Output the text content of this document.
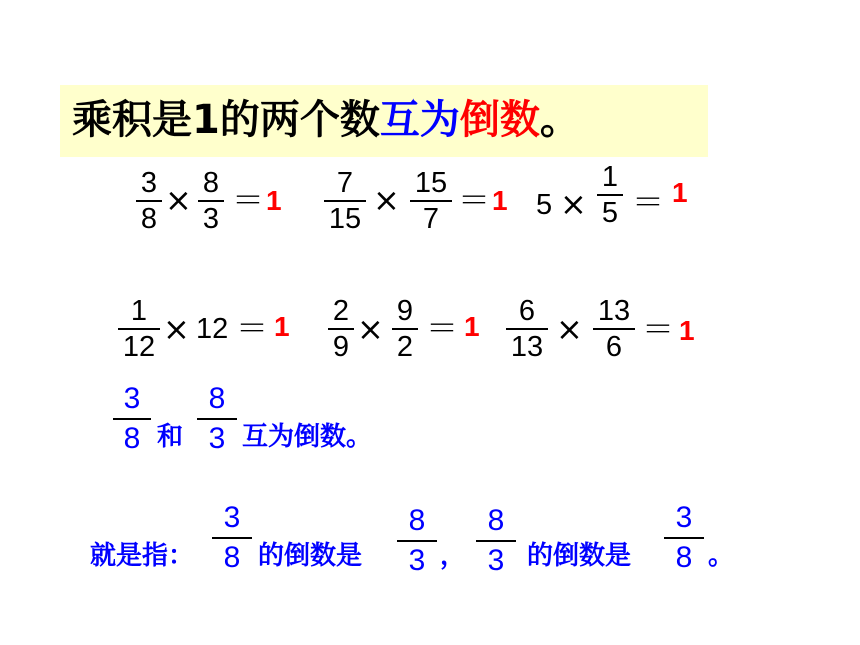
乘积是1的两个数互为倒数。
3
8 × 8
3 ＝ 1
7
15 × 15
7 ＝ 1 5 ×
1
5 ＝ 1
1
12 × 12 ＝ 1 2
9 × 9
2 ＝ 1 6
13 × 13
6 ＝ 1
3
8 和
8
3 互为倒数。
就是指：
3
8 的倒数是
8
3 ，
8
3 的倒数是
3
8 。
